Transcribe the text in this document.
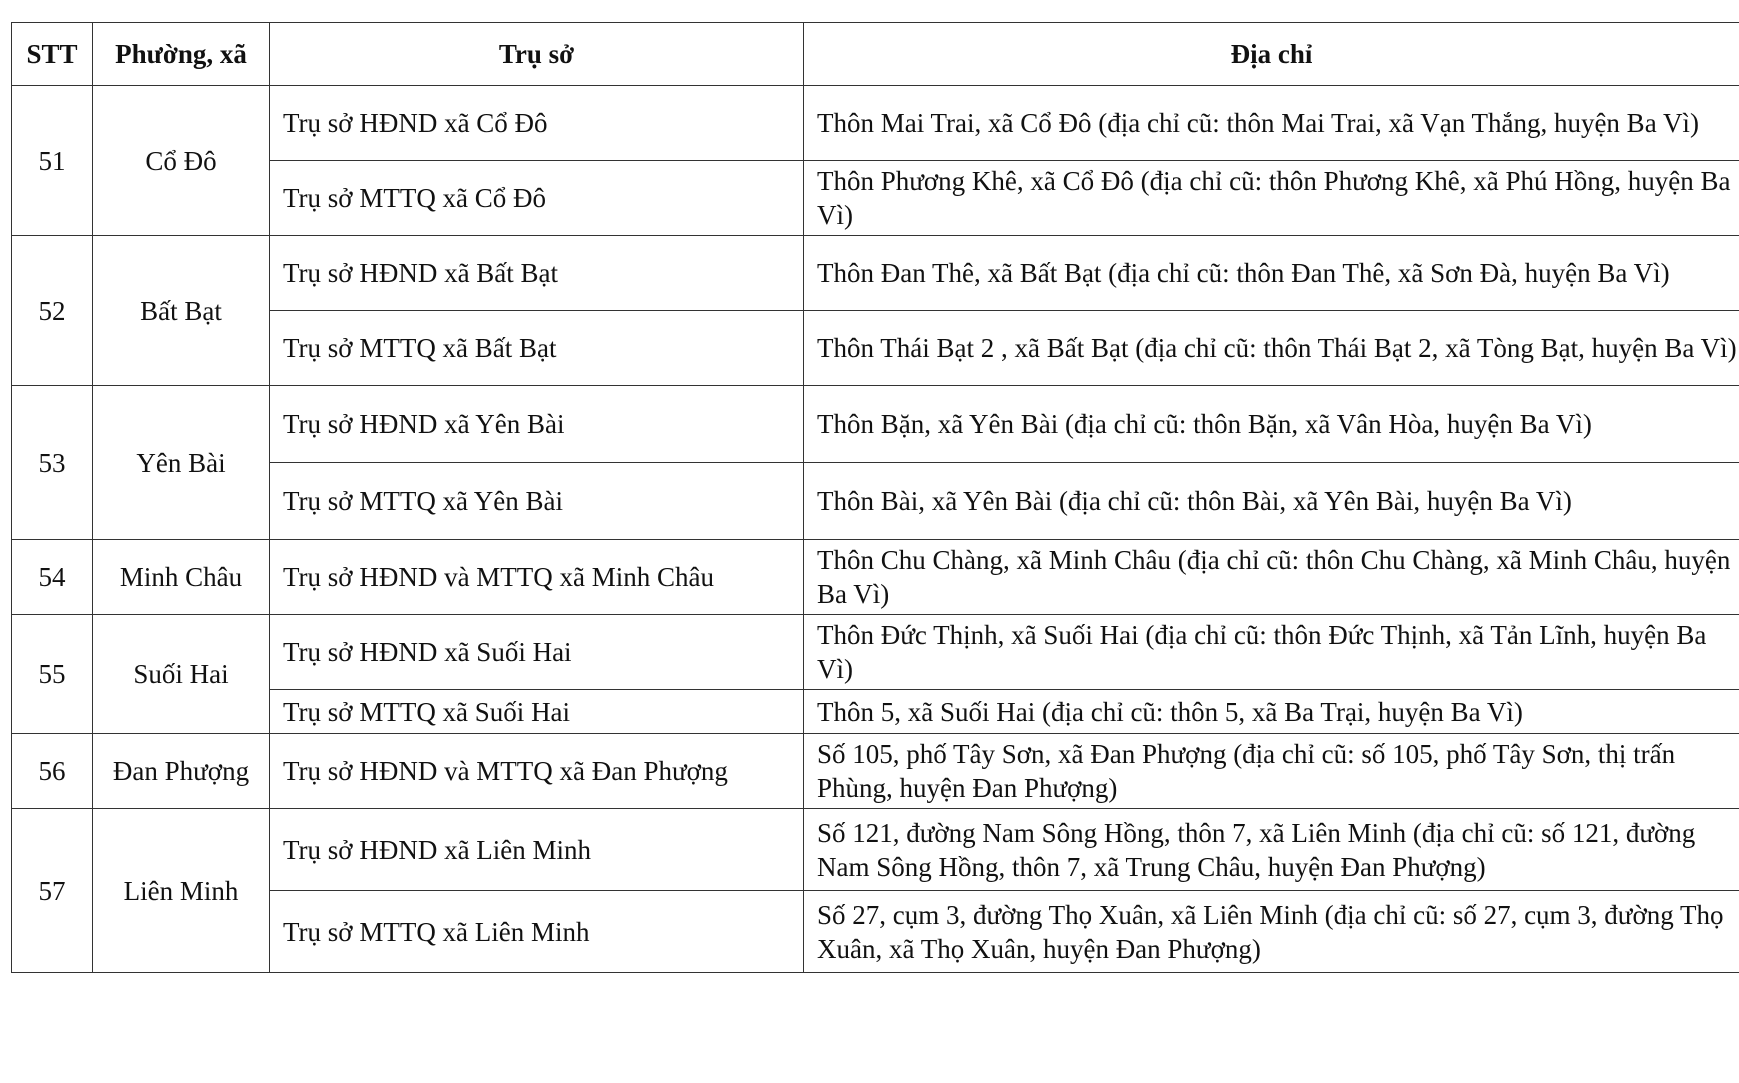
STT	Phường, xã	Trụ sở	Địa chỉ
51	Cổ Đô	Trụ sở HĐND xã Cổ Đô	Thôn Mai Trai, xã Cổ Đô (địa chỉ cũ: thôn Mai Trai, xã Vạn Thắng, huyện Ba Vì)
		Trụ sở MTTQ xã Cổ Đô	Thôn Phương Khê, xã Cổ Đô (địa chỉ cũ: thôn Phương Khê, xã Phú Hồng, huyện Ba Vì)
52	Bất Bạt	Trụ sở HĐND xã Bất Bạt	Thôn Đan Thê, xã Bất Bạt (địa chỉ cũ: thôn Đan Thê, xã Sơn Đà, huyện Ba Vì)
		Trụ sở MTTQ xã Bất Bạt	Thôn Thái Bạt 2 , xã Bất Bạt (địa chỉ cũ: thôn Thái Bạt 2, xã Tòng Bạt, huyện Ba Vì)
53	Yên Bài	Trụ sở HĐND xã Yên Bài	Thôn Bặn, xã Yên Bài (địa chỉ cũ: thôn Bặn, xã Vân Hòa, huyện Ba Vì)
		Trụ sở MTTQ xã Yên Bài	Thôn Bài, xã Yên Bài (địa chỉ cũ: thôn Bài, xã Yên Bài, huyện Ba Vì)
54	Minh Châu	Trụ sở HĐND và MTTQ xã Minh Châu	Thôn Chu Chàng, xã Minh Châu (địa chỉ cũ: thôn Chu Chàng, xã Minh Châu, huyện Ba Vì)
55	Suối Hai	Trụ sở HĐND xã Suối Hai	Thôn Đức Thịnh, xã Suối Hai (địa chỉ cũ: thôn Đức Thịnh, xã Tản Lĩnh, huyện Ba Vì)
		Trụ sở MTTQ xã Suối Hai	Thôn 5, xã Suối Hai (địa chỉ cũ: thôn 5, xã Ba Trại, huyện Ba Vì)
56	Đan Phượng	Trụ sở HĐND và MTTQ xã Đan Phượng	Số 105, phố Tây Sơn, xã Đan Phượng (địa chỉ cũ: số 105, phố Tây Sơn, thị trấn Phùng, huyện Đan Phượng)
57	Liên Minh	Trụ sở HĐND xã Liên Minh	Số 121, đường Nam Sông Hồng, thôn 7, xã Liên Minh (địa chỉ cũ: số 121, đường Nam Sông Hồng, thôn 7, xã Trung Châu, huyện Đan Phượng)
		Trụ sở MTTQ xã Liên Minh	Số 27, cụm 3, đường Thọ Xuân, xã Liên Minh (địa chỉ cũ: số 27, cụm 3, đường Thọ Xuân, xã Thọ Xuân, huyện Đan Phượng)
